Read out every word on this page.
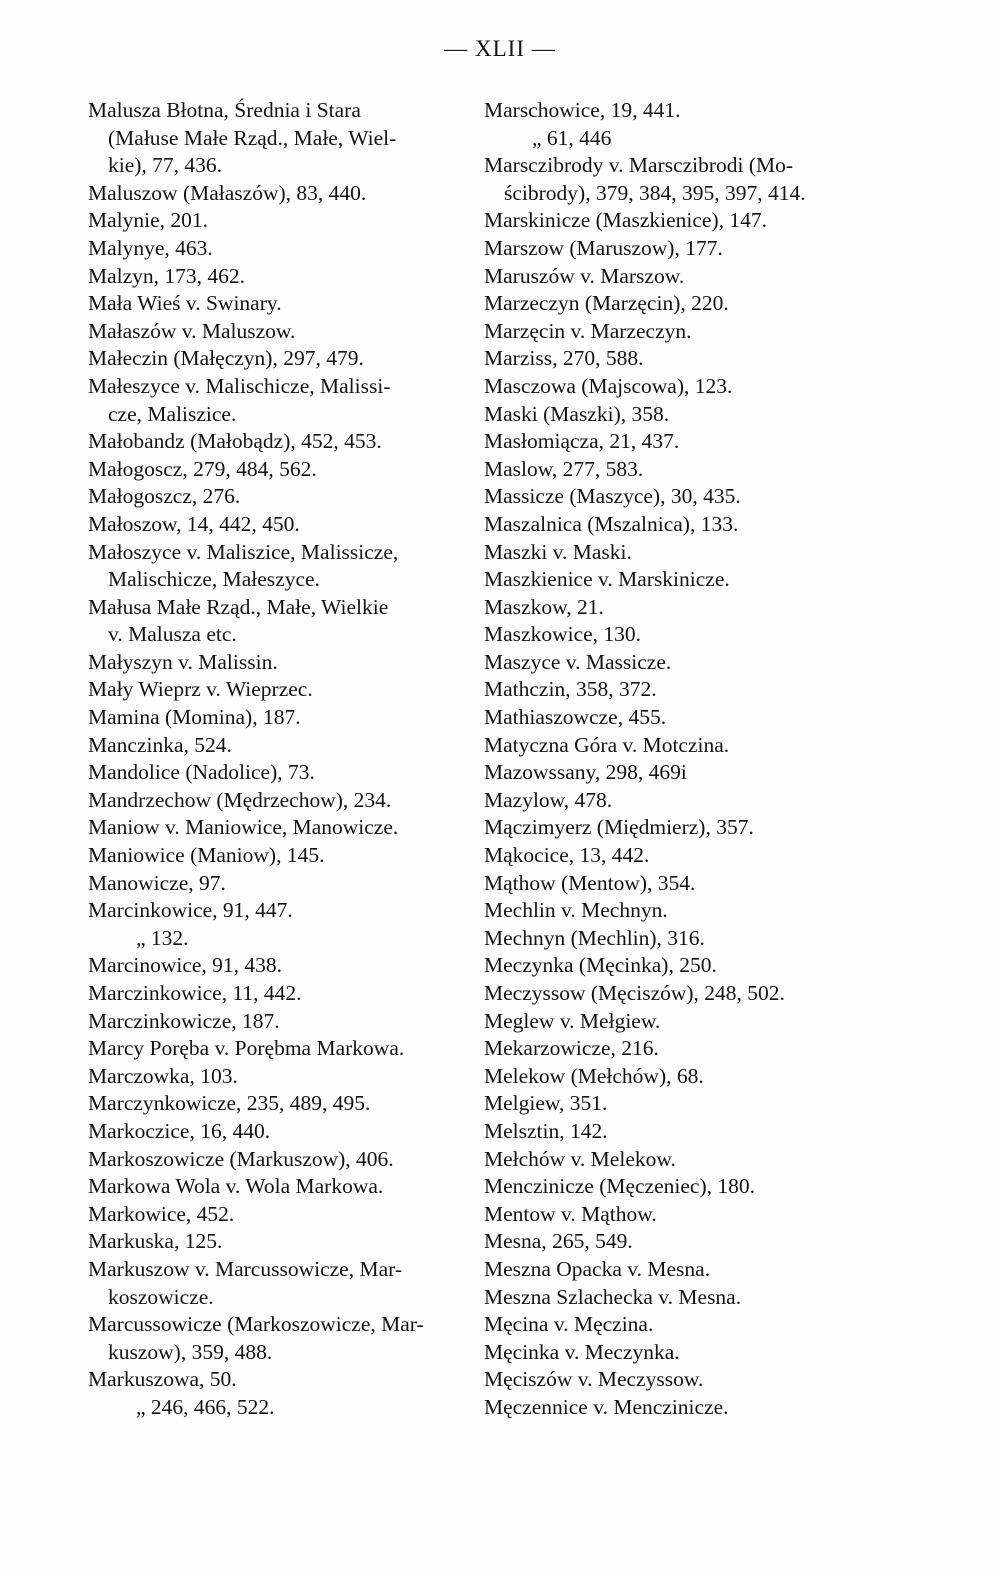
— XLII —
Malusza Błotna, Średnia i Stara
(Małuse Małe Rząd., Małe, Wiel-
kie), 77, 436.
Maluszow (Małaszów), 83, 440.
Malynie, 201.
Malynye, 463.
Malzyn, 173, 462.
Mała Wieś v. Swinary.
Małaszów v. Maluszow.
Małeczin (Małęczyn), 297, 479.
Małeszyce v. Malischicze, Malissi-
cze, Maliszice.
Małobandz (Małobądz), 452, 453.
Małogoscz, 279, 484, 562.
Małogoszcz, 276.
Małoszow, 14, 442, 450.
Małoszyce v. Maliszice, Malissicze,
Malischicze, Małeszyce.
Małusa Małe Rząd., Małe, Wielkie
v. Malusza etc.
Małyszyn v. Malissin.
Mały Wieprz v. Wieprzec.
Mamina (Momina), 187.
Manczinka, 524.
Mandolice (Nadolice), 73.
Mandrzechow (Mędrzechow), 234.
Maniow v. Maniowice, Manowicze.
Maniowice (Maniow), 145.
Manowicze, 97.
Marcinkowice, 91, 447.
„ 132.
Marcinowice, 91, 438.
Marczinkowice, 11, 442.
Marczinkowicze, 187.
Marcy Poręba v. Porębma Markowa.
Marczowka, 103.
Marczynkowicze, 235, 489, 495.
Markoczice, 16, 440.
Markoszowicze (Markuszow), 406.
Markowa Wola v. Wola Markowa.
Markowice, 452.
Markuska, 125.
Markuszow v. Marcussowicze, Mar-
koszowicze.
Marcussowicze (Markoszowicze, Mar-
kuszow), 359, 488.
Markuszowa, 50.
„ 246, 466, 522.
Marschowice, 19, 441.
„ 61, 446
Marsczibrody v. Marsczibrodi (Mo-
ścibrody), 379, 384, 395, 397, 414.
Marskinicze (Maszkienice), 147.
Marszow (Maruszow), 177.
Maruszów v. Marszow.
Marzeczyn (Marzęcin), 220.
Marzęcin v. Marzeczyn.
Marziss, 270, 588.
Masczowa (Majscowa), 123.
Maski (Maszki), 358.
Masłomiącza, 21, 437.
Maslow, 277, 583.
Massicze (Maszyce), 30, 435.
Maszalnica (Mszalnica), 133.
Maszki v. Maski.
Maszkienice v. Marskinicze.
Maszkow, 21.
Maszkowice, 130.
Maszyce v. Massicze.
Mathczin, 358, 372.
Mathiaszowcze, 455.
Matyczna Góra v. Motczina.
Mazowssany, 298, 469i
Mazylow, 478.
Mączimyerz (Międmierz), 357.
Mąkocice, 13, 442.
Mąthow (Mentow), 354.
Mechlin v. Mechnyn.
Mechnyn (Mechlin), 316.
Meczynka (Męcinka), 250.
Meczyssow (Męciszów), 248, 502.
Meglew v. Mełgiew.
Mekarzowicze, 216.
Melekow (Mełchów), 68.
Melgiew, 351.
Melsztin, 142.
Mełchów v. Melekow.
Menczinicze (Męczeniec), 180.
Mentow v. Mąthow.
Mesna, 265, 549.
Meszna Opacka v. Mesna.
Meszna Szlachecka v. Mesna.
Męcina v. Męczina.
Męcinka v. Meczynka.
Męciszów v. Meczyssow.
Męczennice v. Menczinicze.
